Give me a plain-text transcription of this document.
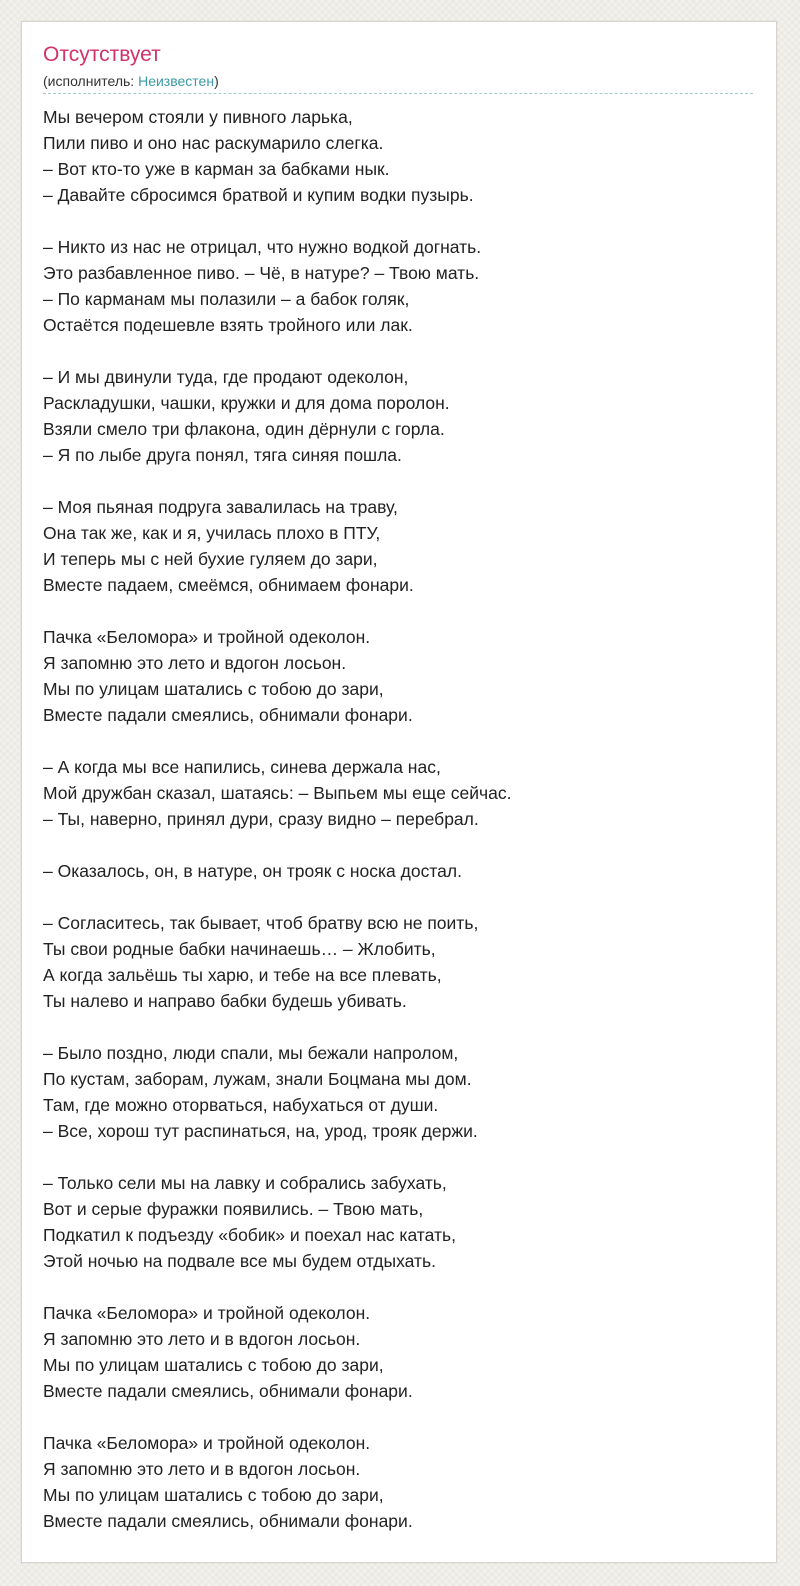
Отсутствует
(исполнитель: Неизвестен)
Мы вечером стояли у пивного ларька,
Пили пиво и оно нас раскумарило слегка.
– Вот кто-то уже в карман за бабками нык.
– Давайте сбросимся братвой и купим водки пузырь.
– Никто из нас не отрицал, что нужно водкой догнать.
Это разбавленное пиво. – Чё, в натуре? – Твою мать.
– По карманам мы полазили – а бабок голяк,
Остаётся подешевле взять тройного или лак.
– И мы двинули туда, где продают одеколон,
Раскладушки, чашки, кружки и для дома поролон.
Взяли смело три флакона, один дёрнули с горла.
– Я по лыбе друга понял, тяга синяя пошла.
– Моя пьяная подруга завалилась на траву,
Она так же, как и я, училась плохо в ПТУ,
И теперь мы с ней бухие гуляем до зари,
Вместе падаем, смеёмся, обнимаем фонари.
Пачка «Беломора» и тройной одеколон.
Я запомню это лето и вдогон лосьон.
Мы по улицам шатались с тобою до зари,
Вместе падали смеялись, обнимали фонари.
– А когда мы все напились, синева держала нас,
Мой дружбан сказал, шатаясь: – Выпьем мы еще сейчас.
– Ты, наверно, принял дури, сразу видно – перебрал.
– Оказалось, он, в натуре, он трояк с носка достал.
– Согласитесь, так бывает, чтоб братву всю не поить,
Ты свои родные бабки начинаешь… – Жлобить,
А когда зальёшь ты харю, и тебе на все плевать,
Ты налево и направо бабки будешь убивать.
– Было поздно, люди спали, мы бежали напролом,
По кустам, заборам, лужам, знали Боцмана мы дом.
Там, где можно оторваться, набухаться от души.
– Все, хорош тут распинаться, на, урод, трояк держи.
– Только сели мы на лавку и собрались забухать,
Вот и серые фуражки появились. – Твою мать,
Подкатил к подъезду «бобик» и поехал нас катать,
Этой ночью на подвале все мы будем отдыхать.
Пачка «Беломора» и тройной одеколон.
Я запомню это лето и в вдогон лосьон.
Мы по улицам шатались с тобою до зари,
Вместе падали смеялись, обнимали фонари.
Пачка «Беломора» и тройной одеколон.
Я запомню это лето и в вдогон лосьон.
Мы по улицам шатались с тобою до зари,
Вместе падали смеялись, обнимали фонари.
